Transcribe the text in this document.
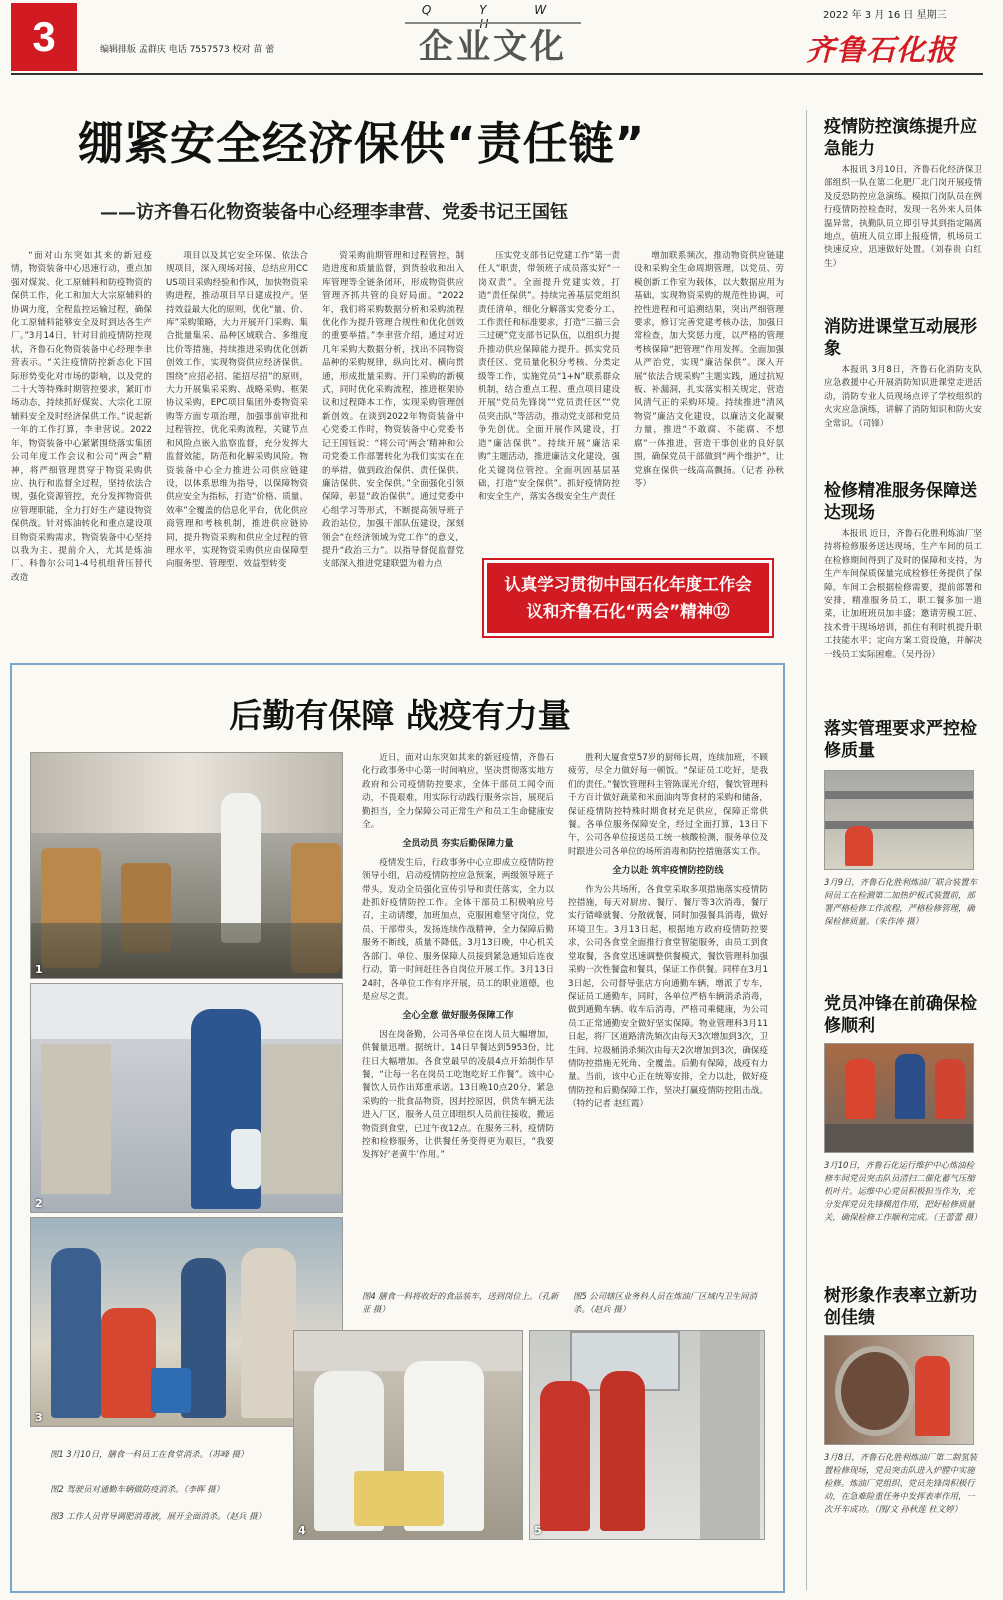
3	编辑排版 孟群庆 电话 7557573 校对 苗 蕾
Q Y W H
企业文化
2022 年 3 月 16 日 星期三
齐鲁石化报
绷紧安全经济保供“责任链”
——访齐鲁石化物资装备中心经理李聿营、党委书记王国钰

“面对山东突如其来的新冠疫情，物资装备中心迅速行动，重点加强对煤炭、化工原辅料和防疫物资的保供工作，化工和加大大宗原辅料的协调力度，全程监控运输过程，确保化工原辅料能够安全及时到达各生产厂。”3月14日，针对目前疫情防控现状，齐鲁石化物资装备中心经理李聿营表示。“关注疫情防控新态化下国际形势变化对市场的影响，以及党的二十大等特殊时期管控要求，紧盯市场动态，持续抓好煤炭、大宗化工原辅料安全及时经济保供工作。”说起新一年的工作打算，李聿营说。2022年，物资装备中心紧紧围绕落实集团公司年度工作会议和公司“两会”精神，将严细管理贯穿于物资采购供应、执行和监督全过程，坚持依法合规，强化资源管控，充分发挥物资供应管理职能，全力打好生产建设物资保供战。针对炼油转化和重点建设项目物资采购需求，物资装备中心坚持以我为主、提前介入，尤其是炼油厂、科鲁尔公司1-4号机组背压替代改造

项目以及其它安全环保、依法合规项目，深入现场对接，总结应用CCUS项目采购经验和作风，加快物资采购进程，推动项目早日建成投产。坚持效益最大化的原则，优化“量、价、库”采购策略，大力开展开门采购、集合批量集采、品种区域联合、多维度比价等措施，持续推进采购优化创新创效工作，实现物资供应经济保供。围绕“应招必招、能招尽招”的原则，大力开展集采采购、战略采购、框架协议采购，EPC项目集团外委物资采购等方面专项治理，加强事前审批和过程管控，优化采购流程，关键节点和风险点嵌入监察监督，充分发挥大监督效能，防范和化解采购风险。物资装备中心全力推进公司供应链建设，以体系思维为指导，以保障物资供应安全为指标，打造“价格、质量、效率”全覆盖的信息化平台，优化供应商管理和考核机制，推进供应链协同，提升物资采购和供应全过程的管理水平，实现物资采购供应由保障型向服务型、管理型、效益型转变

资采购前期管理和过程管控，制造进度和质量监督，到货验收和出入库管理等全链条闭环，形成物资供应管理齐抓共管的良好局面。“2022年，我们将采购数据分析和采购流程优化作为提升管理合规性和优化创效的重要举措。”李聿营介绍，通过对近几年采购大数据分析，找出不同物资品种的采购规律，纵向比对、横向贯通，形成批量采购、开门采购的新模式，同时优化采购流程，推进框架协议和过程降本工作，实现采购管理创新创效。在谈到2022年物资装备中心党委工作时，物资装备中心党委书记王国钰说：“将公司‘两会’精神和公司党委工作部署转化为我们实实在在的举措，做到政治保供、责任保供、廉洁保供、安全保供。”全面强化引领保障，彰显“政治保供”。通过党委中心组学习等形式，不断提高领导班子政治站位，加强干部队伍建设，深刻领会“在经济领域为党工作”的意义，提升“政治三力”。以指导督促监督党支部深入推进党建联盟为着力点

压实党支部书记党建工作“第一责任人”职责，带领班子成员落实好“一岗双责”。全面提升党建实效，打造“责任保供”。持续完善基层党组织责任清单，细化分解落实党委分工、工作责任和标准要求，打造“三描三会三过硬”党支部书记队伍，以组织力提升推动供应保障能力提升。抓实党员责任区、党员量化积分考核、分类定级等工作，实施党员“1+N”联系群众机制，结合重点工程、重点项目建设开展“党员先锋岗”“党员责任区”“党员突击队”等活动，推动党支部和党员争先创优。全面开展作风建设，打造“廉洁保供”。持续开展“廉洁采购”主题活动，推进廉洁文化建设，强化关键岗位管控。全面巩固基层基础，打造“安全保供”。抓好疫情防控和安全生产，落实各级安全生产责任

增加联系频次，推动物资供应链建设和采购全生命周期管理，以党员、劳模创新工作室为载体，以大数据应用为基础，实现物资采购的规范性协调，可控性进程和可追溯结果，突出严细管理要求，修订完善党建考核办法，加强日常检查，加大奖惩力度，以严格的管理考核保障“把管理”作用发挥。全面加强从严治党，实现“廉洁保供”。深入开展“依法合规采购”主题实践，通过抗短板、补漏洞，扎实落实相关规定，营造风清气正的采购环境。持续推进“清风物资”廉洁文化建设，以廉洁文化凝聚力量，推进“不敢腐、不能腐、不想腐”一体推进，营造干事创业的良好氛围，确保党员干部做到“两个维护”，让党旗在保供一线高高飘扬。（记者 孙秋苓）

认真学习贯彻中国石化年度工作会议和齐鲁石化“两会”精神⑫
后勤有保障 战疫有力量
1
2
3
4	5
图1 3月10日，膳食一科员工在食堂消杀。（苏峰 摄）
图2 驾驶员对通勤车辆做防疫消杀。（李晖 摄）
图3 工作人员背导调肥消毒液，展开全面消杀。（赵兵 摄）
图4 膳食一科将收好的食品装车，送到岗位上。（孔新亚 摄）
图5 公司辖区业务科人员在炼油厂区域内卫生间消杀。（赵兵 摄）

近日，面对山东突如其来的新冠疫情，齐鲁石化行政事务中心第一时间响应，坚决贯彻落实地方政府和公司疫情防控要求，全体干部员工闻令而动，不畏艰难，用实际行动践行服务宗旨，展现后勤担当，全力保障公司正常生产和员工生命健康安全。

全员动员 夯实后勤保障力量

疫情发生后，行政事务中心立即成立疫情防控领导小组，启动疫情防控应急预案，两级领导班子带头，发动全员强化宣传引导和责任落实，全力以赴抓好疫情防控工作。全体干部员工积极响应号召，主动请缨，加班加点，克服困难坚守岗位，党员、干部带头，发扬连续作战精神，全力保障后勤服务不断线，质量不降低。3月13日晚，中心机关各部门、单位、服务保障人员接到紧急通知后连夜行动，第一时间赶往各自岗位开展工作。3月13日24时，各单位工作有序开展，员工的职业道德，也是应尽之责。

全心全意 做好服务保障工作

因在岗备勤，公司各单位在岗人员大幅增加，供餐量迅增。据统计，14日早餐达到5953份，比往日大幅增加。各食堂最早的凌晨4点开始制作早餐，“让每一名在岗员工吃饱吃好工作餐”。该中心餐饮人员作出郑重承诺。13日晚10点20分，紧急采购的一批食品物资，因封控原因，供货车辆无法进入厂区，服务人员立即组织人员前往接收，搬运物资到食堂，已过午夜12点。在服务三科，疫情防控和检修服务，让供餐任务变得更为艰巨，“我要发挥好‘老黄牛’作用。”

胜利大厦食堂57岁的厨师长周，连续加班，不顾疲劳，尽全力做好每一顿饭。“保证员工吃好，是我们的责任。”餐饮管理科主管陈谋光介绍，餐饮管理科千方百计做好蔬菜和米面油肉等食材的采购和储备，保证疫情防控特殊时期食材充足供应，保障正常供餐。各单位服务保障安全，经过全面打算，13日下午，公司各单位接送员工统一核酸检测，服务单位及时跟进公司各单位的场所消毒和防控措施落实工作。

全力以赴 筑牢疫情防控防线

作为公共场所，各食堂采取多项措施落实疫情防控措施，每天对厨房、餐厅、餐厅等3次消毒，餐厅实行错峰就餐、分散就餐，同时加强餐具消毒，做好环境卫生。3月13日起，根据地方政府疫情防控要求，公司各食堂全面推行食堂智能服务，由员工到食堂取餐，各食堂迅速调整供餐模式，餐饮管理科加强采购一次性餐盒和餐具，保证工作供餐。同样在3月13日起，公司督导张店方向通勤车辆，增派了专车，保证员工通勤车，同时，各单位严格车辆消杀消毒，做到通勤车辆、收车后消毒，严格司乘健康，为公司员工正常通勤安全做好坚实保障。物业管理科3月11日起，将厂区道路清洗频次由每天3次增加到3次，卫生间、垃圾桶消杀频次由每天2次增加到3次，确保疫情防控措施无死角、全覆盖。后勤有保障，战疫有力量。当前，该中心正在统筹安排，全力以赴，做好疫情防控和后勤保障工作，坚决打赢疫情防控阻击战。（特约记者 赵红霞）

疫情防控演练提升应急能力

本报讯 3月10日，齐鲁石化经济保卫部组织一队在第二化肥厂北门岗开展疫情及反恐防控应急演练。模拟门岗队员在例行疫情防控检查时，发现一名外来人员体温异常，执勤队员立即引导其到指定隔离地点，值班人员立即上报疫情，机场员工快速反应，迅速做好处置。（刘春贵 白红生）

消防进课堂互动展形象

本报讯 3月8日，齐鲁石化消防支队应急救援中心开展消防知识进课堂走进活动，消防专业人员现场点评了学校组织的火灾应急演练，讲解了消防知识和防火安全常识。（司锋）

检修精准服务保障送达现场

本报讯 近日，齐鲁石化胜利炼油厂坚持将检修服务送达现场，生产车间的员工在检修期间得到了及时的保障和支持，为生产车间保质保量完成检修任务提供了保障。车间工会根据检修需要，提前部署和安排，精准服务员工，职工餐多加一道菜，让加班班员加丰盛；邀请劳模工匠、技术骨干现场培训，抓住有利时机提升职工技能水平；定向方案工资设施，并解决一线员工实际困难。（吴丹汾）

落实管理要求严控检修质量
3月9日，齐鲁石化胜利炼油厂联合装置车间员工在检测第二加热炉板式装置前，部署严格检修工作流程，严格检修管理，确保检修质量。（朱作涛 摄）
党员冲锋在前确保检修顺利
3月10日，齐鲁石化运行维护中心炼油检修车间党员突击队员清扫二催化蓄气压缩机叶片。运维中心党员积极担当作为，充分发挥党员先锋模范作用，把好检修质量关，确保检修工作顺利完成。（王蕾蕾 摄）
树形象作表率立新功创佳绩
3月8日，齐鲁石化胜利炼油厂第二制氢装置检修现场，党员突击队进入炉膛中实施检修。炼油厂党组织、党员先锋岗积极行动，在急难险重任务中发挥表率作用，一次开车成功。（图/文 孙秋莲 杜文婷）
